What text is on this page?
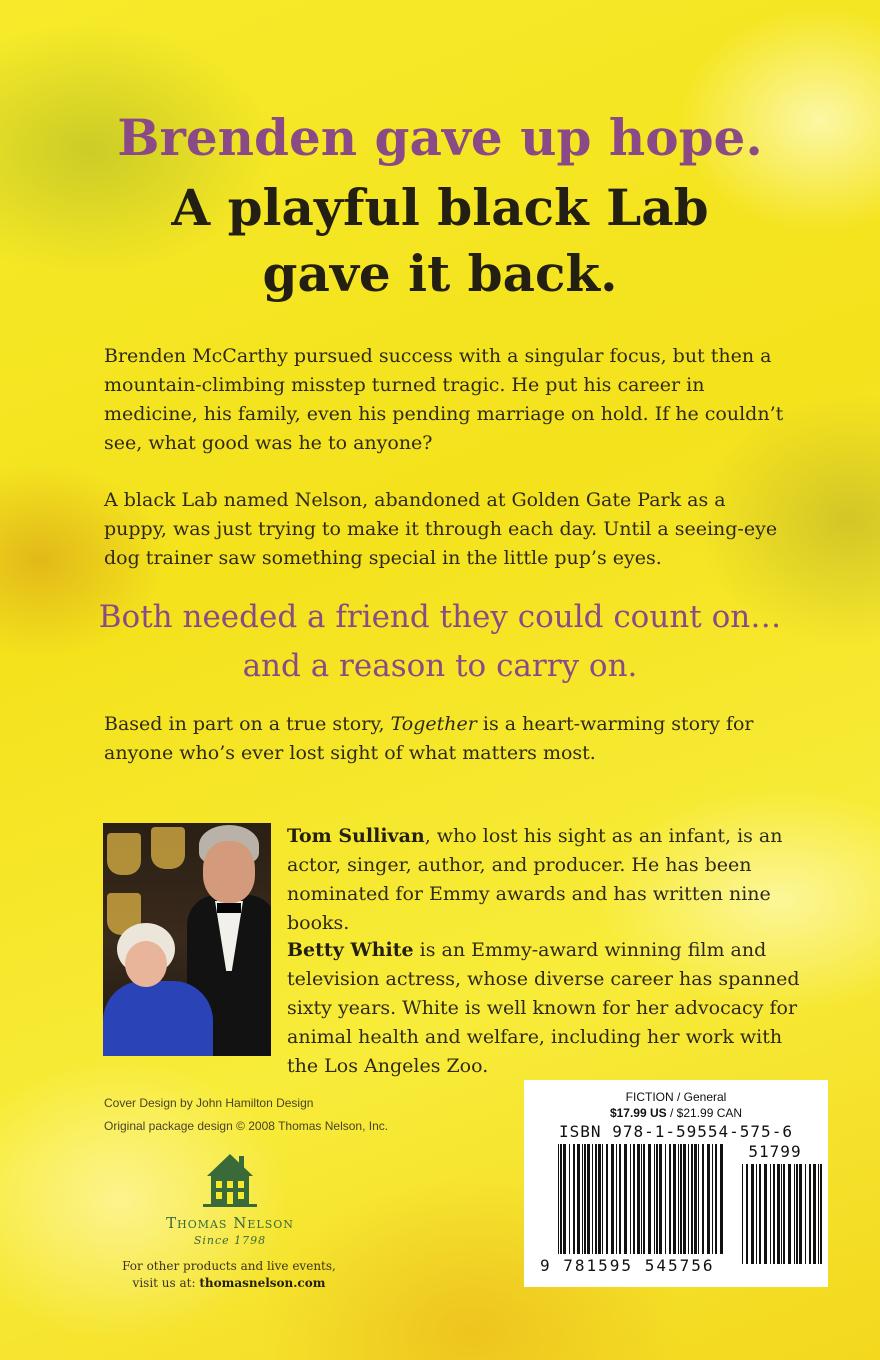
Brenden gave up hope.
A playful black Lab
gave it back.

Brenden McCarthy pursued success with a singular focus, but then a mountain-climbing misstep turned tragic. He put his career in medicine, his family, even his pending marriage on hold. If he couldn’t see, what good was he to anyone?

A black Lab named Nelson, abandoned at Golden Gate Park as a puppy, was just trying to make it through each day. Until a seeing-eye dog trainer saw something special in the little pup’s eyes.

Both needed a friend they could count on…

and a reason to carry on.

Based in part on a true story, Together is a heart-warming story for anyone who’s ever lost sight of what matters most.

Tom Sullivan, who lost his sight as an infant, is an actor, singer, author, and producer. He has been nominated for Emmy awards and has written nine books.

Betty White is an Emmy-award winning film and television actress, whose diverse career has spanned sixty years. White is well known for her advocacy for animal health and welfare, including her work with the Los Angeles Zoo.

Cover Design by John Hamilton Design

Original package design © 2008 Thomas Nelson, Inc.

Thomas Nelson
Since 1798

For other products and live events,

visit us at: thomasnelson.com

FICTION / General

$17.99 US / $21.99 CAN

ISBN 978-1-59554-575-6

51799

9 781595 545756
